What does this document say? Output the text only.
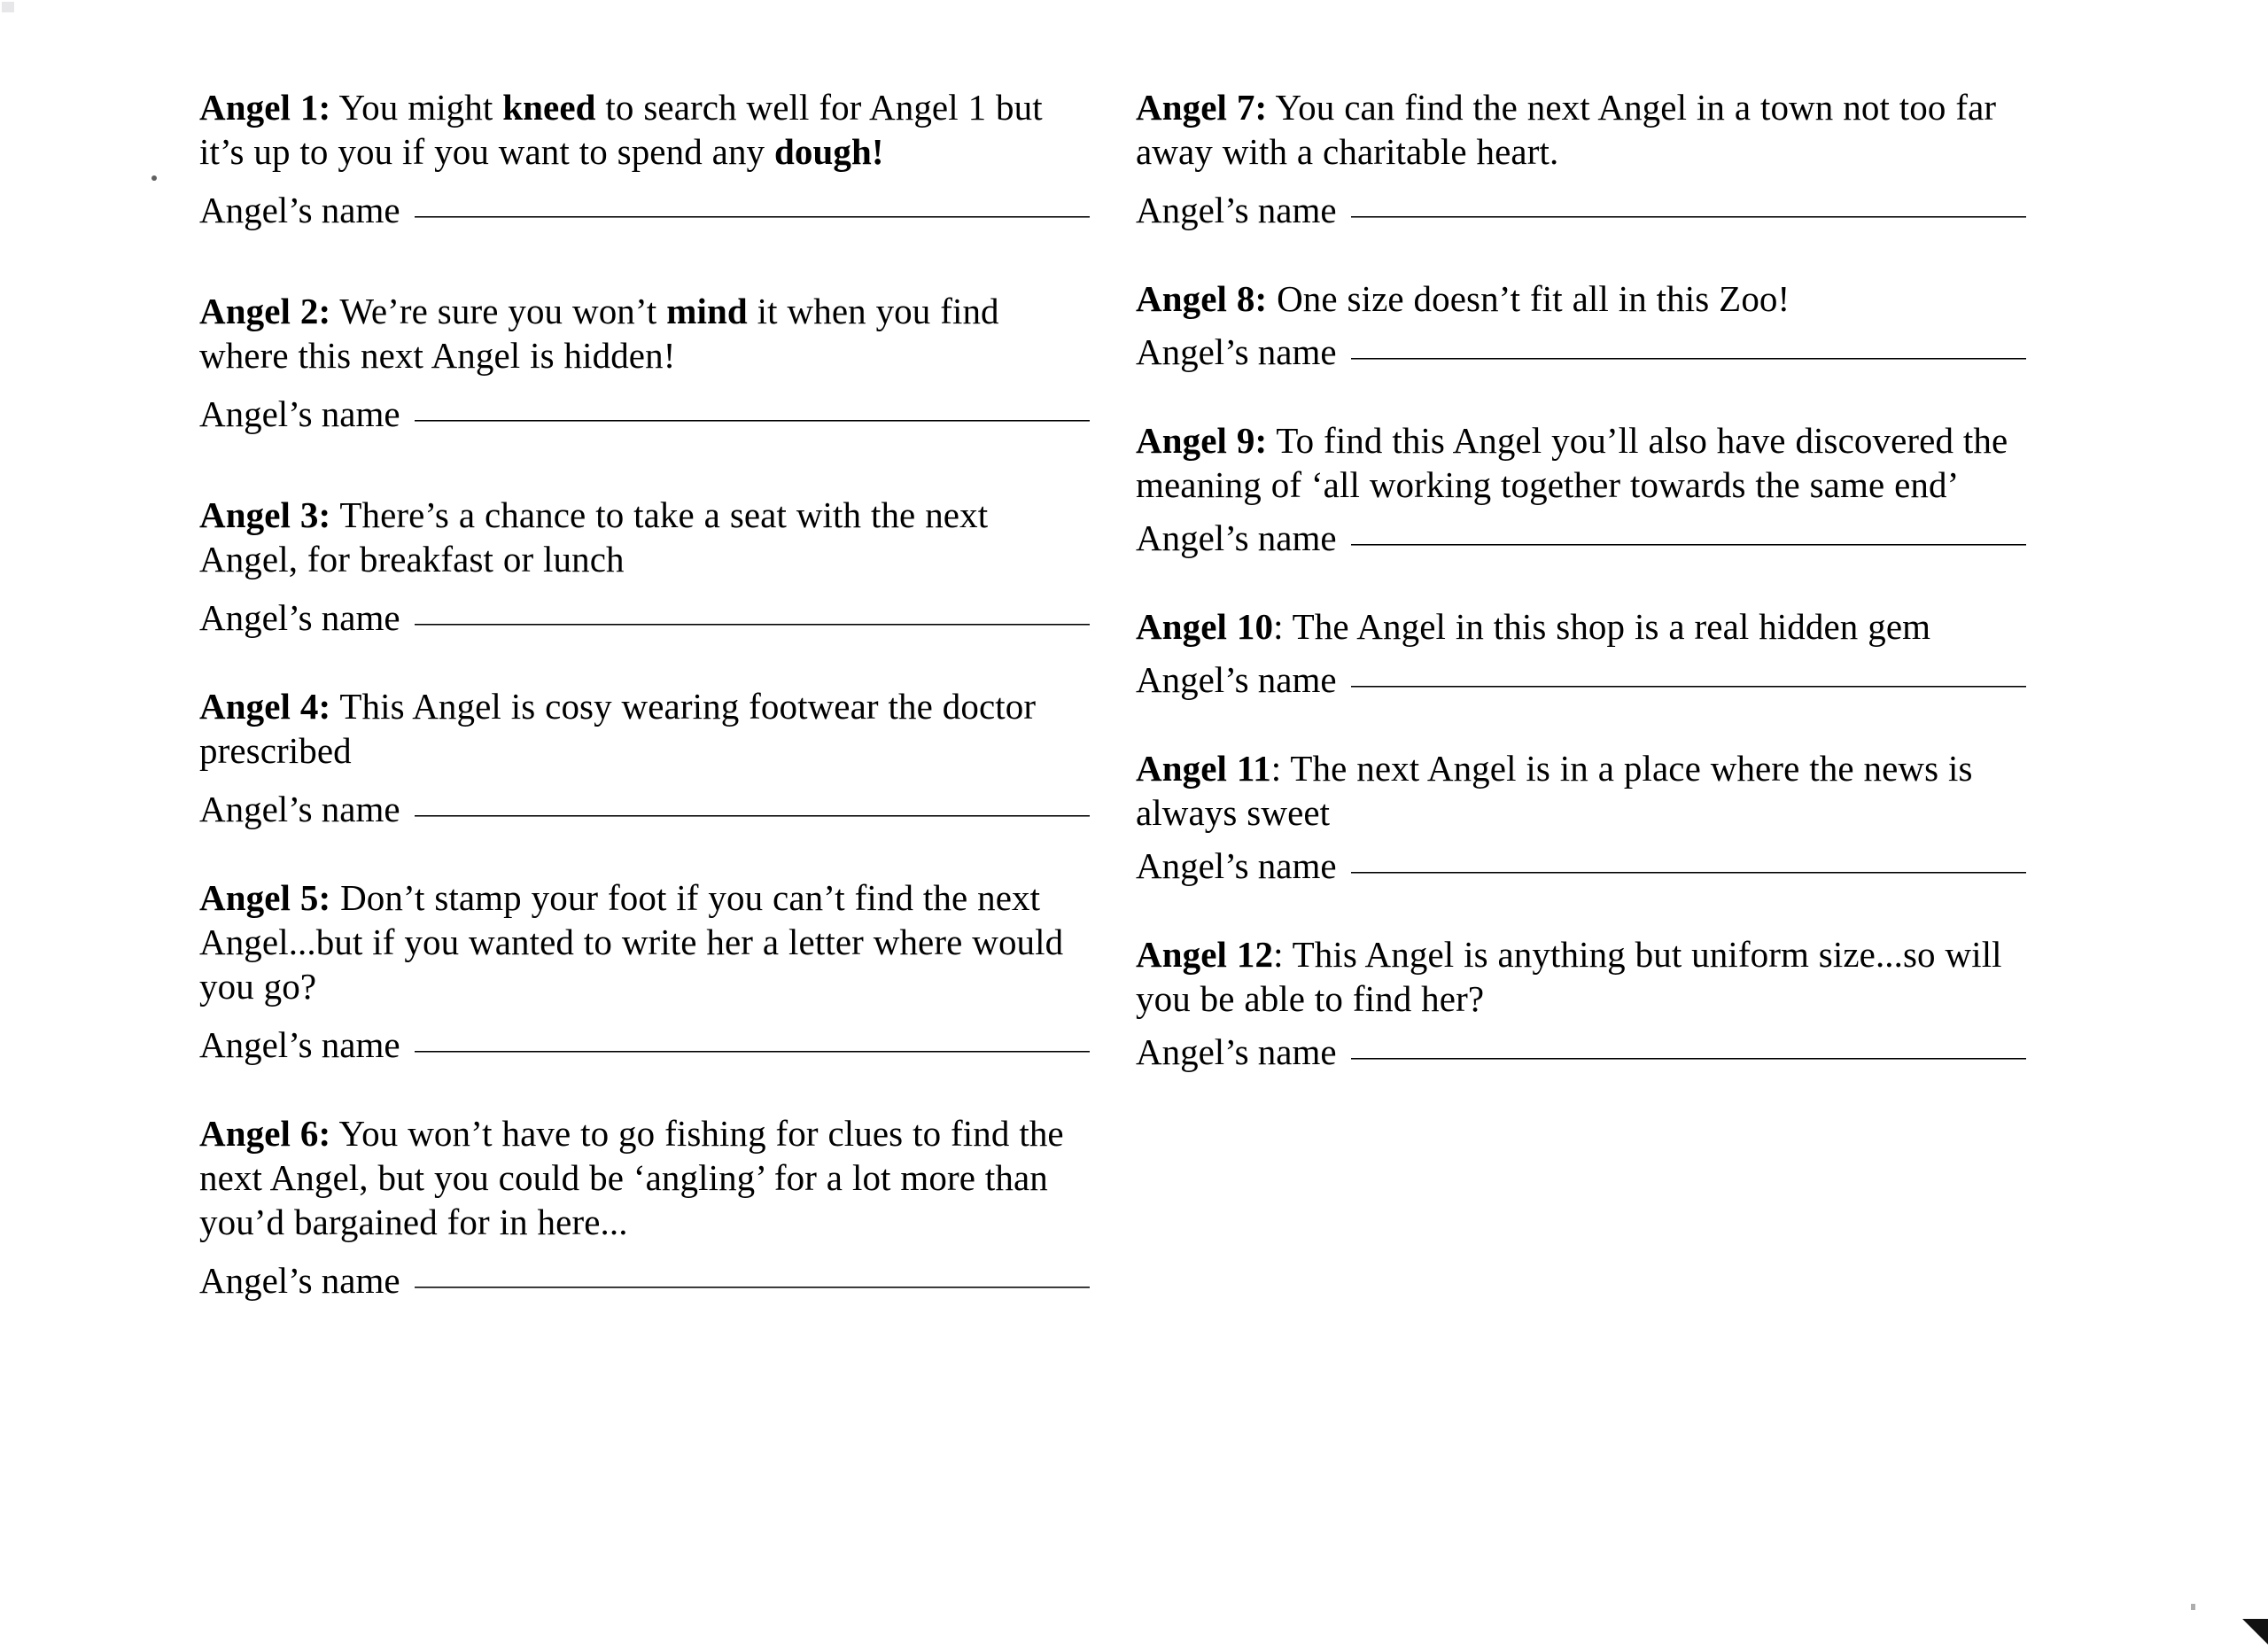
Angel 1: You might kneed to search well for Angel 1 but it’s up to you if you want to spend any dough!

Angel’s name

Angel 2: We’re sure you won’t mind it when you find where this next Angel is hidden!

Angel’s name

Angel 3: There’s a chance to take a seat with the next Angel, for breakfast or lunch

Angel’s name

Angel 4: This Angel is cosy wearing footwear the doctor prescribed

Angel’s name

Angel 5: Don’t stamp your foot if you can’t find the next Angel...but if you wanted to write her a letter where would you go?

Angel’s name

Angel 6: You won’t have to go fishing for clues to find the next Angel, but you could be ‘angling’ for a lot more than you’d bargained for in here...

Angel’s name

Angel 7: You can find the next Angel in a town not too far away with a charitable heart.

Angel’s name

Angel 8: One size doesn’t fit all in this Zoo!

Angel’s name

Angel 9: To find this Angel you’ll also have discovered the meaning of ‘all working together towards the same end’

Angel’s name

Angel 10: The Angel in this shop is a real hidden gem

Angel’s name

Angel 11: The next Angel is in a place where the news is always sweet

Angel’s name

Angel 12: This Angel is anything but uniform size...so will you be able to find her?

Angel’s name
